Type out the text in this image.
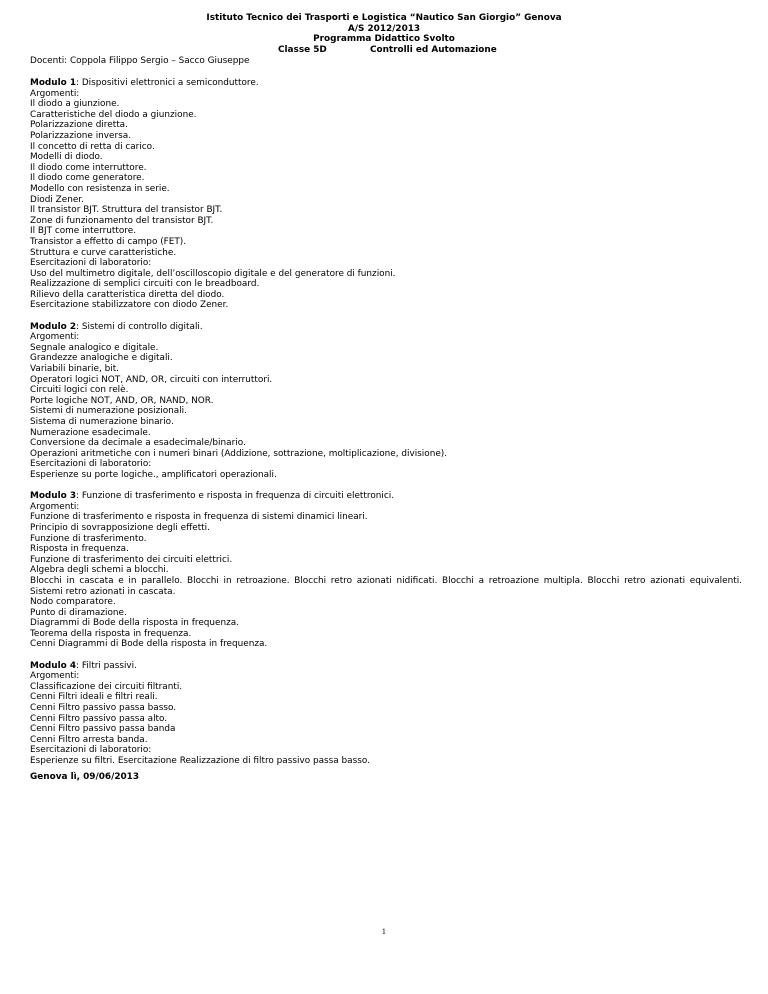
Istituto Tecnico dei Trasporti e Logistica “Nautico San Giorgio” Genova
A/S 2012/2013
Programma Didattico Svolto
Classe 5D	Controlli ed Automazione
Docenti: Coppola Filippo Sergio – Sacco Giuseppe
Modulo 1: Dispositivi elettronici a semiconduttore.
Argomenti:
Il diodo a giunzione.
Caratteristiche del diodo a giunzione.
Polarizzazione diretta.
Polarizzazione inversa.
Il concetto di retta di carico.
Modelli di diodo.
Il diodo come interruttore.
Il diodo come generatore.
Modello con resistenza in serie.
Diodi Zener.
Il transistor BJT. Struttura del transistor BJT.
Zone di funzionamento del transistor BJT.
Il BJT come interruttore.
Transistor a effetto di campo (FET).
Struttura e curve caratteristiche.
Esercitazioni di laboratorio:
Uso del multimetro digitale, dell’oscilloscopio digitale e del generatore di funzioni.
Realizzazione di semplici circuiti con le breadboard.
Rilievo della caratteristica diretta del diodo.
Esercitazione stabilizzatore con diodo Zener.
Modulo 2: Sistemi di controllo digitali.
Argomenti:
Segnale analogico e digitale.
Grandezze analogiche e digitali.
Variabili binarie, bit.
Operatori logici NOT, AND, OR, circuiti con interruttori.
Circuiti logici con relè.
Porte logiche NOT, AND, OR, NAND, NOR.
Sistemi di numerazione posizionali.
Sistema di numerazione binario.
Numerazione esadecimale.
Conversione da decimale a esadecimale/binario.
Operazioni aritmetiche con i numeri binari (Addizione, sottrazione, moltiplicazione, divisione).
Esercitazioni di laboratorio:
Esperienze su porte logiche., amplificatori operazionali.
Modulo 3: Funzione di trasferimento e risposta in frequenza di circuiti elettronici.
Argomenti:
Funzione di trasferimento e risposta in frequenza di sistemi dinamici lineari.
Principio di sovrapposizione degli effetti.
Funzione di trasferimento.
Risposta in frequenza.
Funzione di trasferimento dei circuiti elettrici.
Algebra degli schemi a blocchi.
Blocchi in cascata e in parallelo. Blocchi in retroazione. Blocchi retro azionati nidificati. Blocchi a retroazione multipla. Blocchi retro azionati equivalenti.
Sistemi retro azionati in cascata.
Nodo comparatore.
Punto di diramazione.
Diagrammi di Bode della risposta in frequenza.
Teorema della risposta in frequenza.
Cenni Diagrammi di Bode della risposta in frequenza.
Modulo 4: Filtri passivi.
Argomenti:
Classificazione dei circuiti filtranti.
Cenni Filtri ideali e filtri reali.
Cenni Filtro passivo passa basso.
Cenni Filtro passivo passa alto.
Cenni Filtro passivo passa banda
Cenni Filtro arresta banda.
Esercitazioni di laboratorio:
Esperienze su filtri. Esercitazione Realizzazione di filtro passivo passa basso.
Genova lì, 09/06/2013
1
